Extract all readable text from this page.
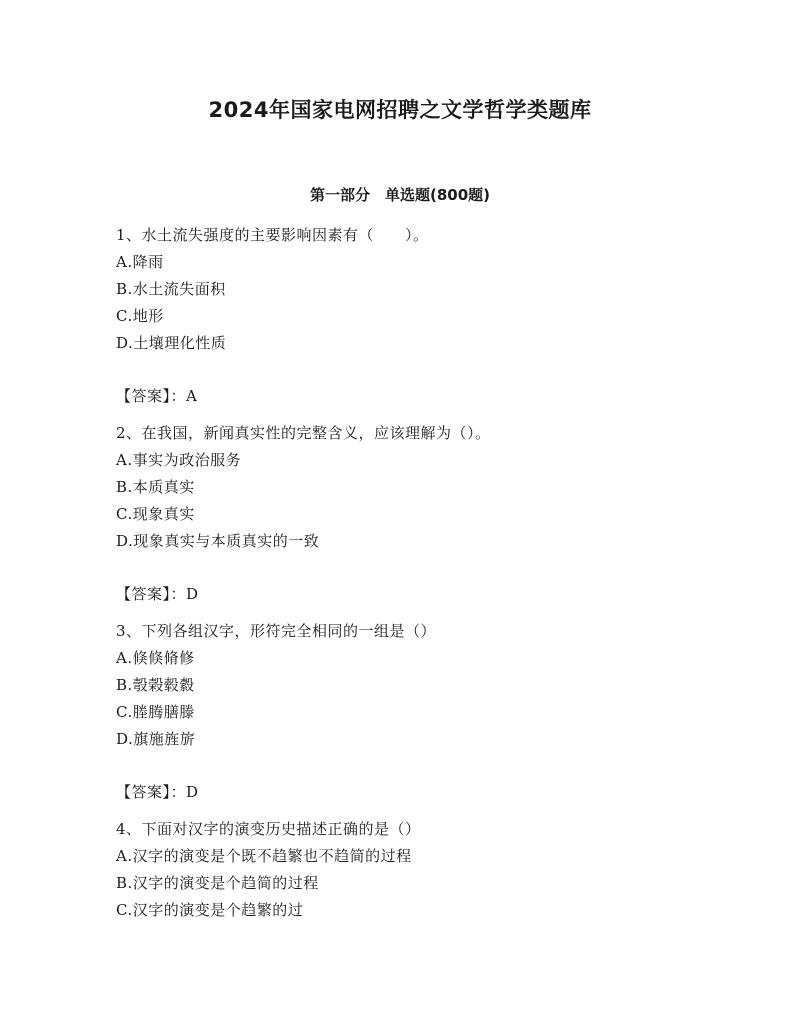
2024年国家电网招聘之文学哲学类题库
第一部分　单选题(800题)
1、水土流失强度的主要影响因素有（　　）。
A.降雨
B.水土流失面积
C.地形
D.土壤理化性质
【答案】：A
2、在我国，新闻真实性的完整含义，应该理解为（）。
A.事实为政治服务
B.本质真实
C.现象真实
D.现象真实与本质真实的一致
【答案】：D
3、下列各组汉字，形符完全相同的一组是（）
A.倏倏脩修
B.彀榖毂縠
C.塍腾膳滕
D.旗施旌旂
【答案】：D
4、下面对汉字的演变历史描述正确的是（）
A.汉字的演变是个既不趋繁也不趋简的过程
B.汉字的演变是个趋简的过程
C.汉字的演变是个趋繁的过
